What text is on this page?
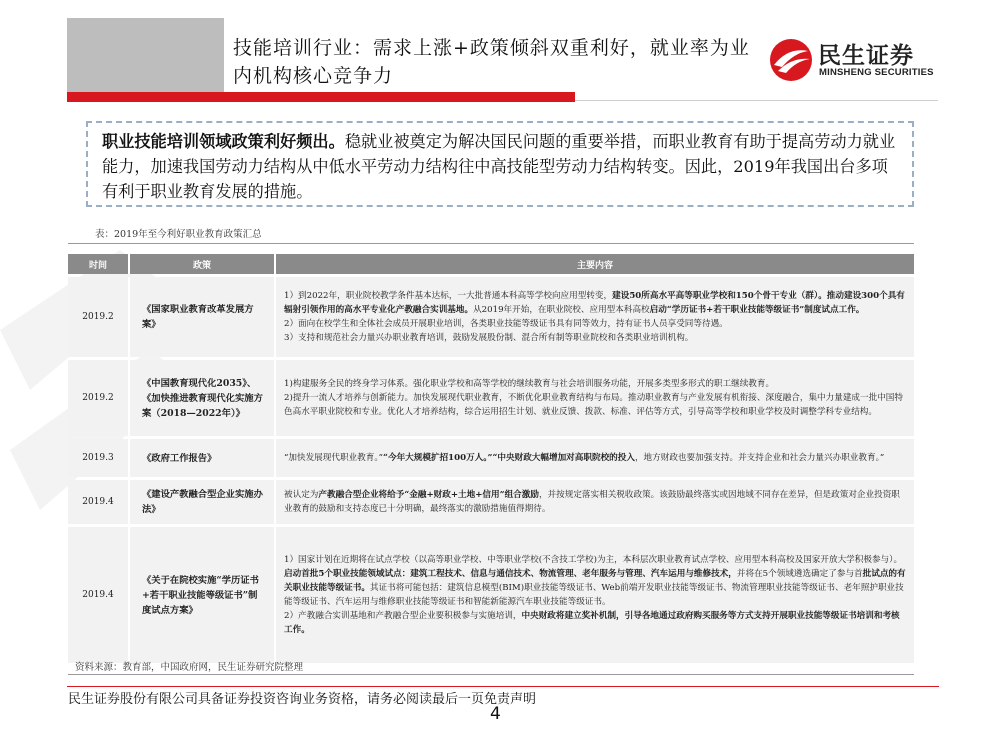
技能培训行业：需求上涨+政策倾斜双重利好，就业率为业内机构核心竞争力
民生证券
MINSHENG SECURITIES
职业技能培训领域政策利好频出。稳就业被奠定为解决国民问题的重要举措，而职业教育有助于提高劳动力就业能力，加速我国劳动力结构从中低水平劳动力结构往中高技能型劳动力结构转变。因此，2019年我国出台多项有利于职业教育发展的措施。
表：2019年至今利好职业教育政策汇总
时间	政策	主要内容
2019.2	《国家职业教育改革发展方案》	1）到2022年，职业院校教学条件基本达标，一大批普通本科高等学校向应用型转变，建设50所高水平高等职业学校和150个骨干专业（群）。推动建设300个具有辐射引领作用的高水平专业化产教融合实训基地。从2019年开始，在职业院校、应用型本科高校启动“学历证书+若干职业技能等级证书”制度试点工作。
2）面向在校学生和全体社会成员开展职业培训，各类职业技能等级证书具有同等效力，持有证书人员享受同等待遇。
3）支持和规范社会力量兴办职业教育培训，鼓励发展股份制、混合所有制等职业院校和各类职业培训机构。

2019.2	《中国教育现代化2035》、《加快推进教育现代化实施方案（2018—2022年）》	1)构建服务全民的终身学习体系。强化职业学校和高等学校的继续教育与社会培训服务功能，开展多类型多形式的职工继续教育。
2)提升一流人才培养与创新能力。加快发展现代职业教育，不断优化职业教育结构与布局。推动职业教育与产业发展有机衔接、深度融合，集中力量建成一批中国特色高水平职业院校和专业。优化人才培养结构，综合运用招生计划、就业反馈、拨款、标准、评估等方式，引导高等学校和职业学校及时调整学科专业结构。

2019.3	《政府工作报告》	“加快发展现代职业教育。”“今年大规模扩招100万人。”“中央财政大幅增加对高职院校的投入，地方财政也要加强支持。并支持企业和社会力量兴办职业教育。”

2019.4	《建设产教融合型企业实施办法》	被认定为产教融合型企业将给予“金融+财政+土地+信用”组合激励，并按规定落实相关税收政策。该鼓励最终落实或因地域不同存在差异，但是政策对企业投资职业教育的鼓励和支持态度已十分明确，最终落实的激励措施值得期待。

2019.4	《关于在院校实施“学历证书+若干职业技能等级证书”制度试点方案》	1）国家计划在近期将在试点学校（以高等职业学校、中等职业学校(不含技工学校)为主，本科层次职业教育试点学校、应用型本科高校及国家开放大学积极参与）。启动首批5个职业技能领域试点：建筑工程技术、信息与通信技术、物流管理、老年服务与管理、汽车运用与维修技术，并将在5个领域遴选确定了参与首批试点的有关职业技能等级证书。其证书将可能包括：建筑信息模型(BIM)职业技能等级证书、Web前端开发职业技能等级证书、物流管理职业技能等级证书、老年照护职业技能等级证书、汽车运用与维修职业技能等级证书和智能新能源汽车职业技能等级证书。
2）产教融合实训基地和产教融合型企业要积极参与实施培训，中央财政将建立奖补机制，引导各地通过政府购买服务等方式支持开展职业技能等级证书培训和考核工作。
资料来源：教育部，中国政府网，民生证券研究院整理
民生证券股份有限公司具备证券投资咨询业务资格，请务必阅读最后一页免责声明
4
